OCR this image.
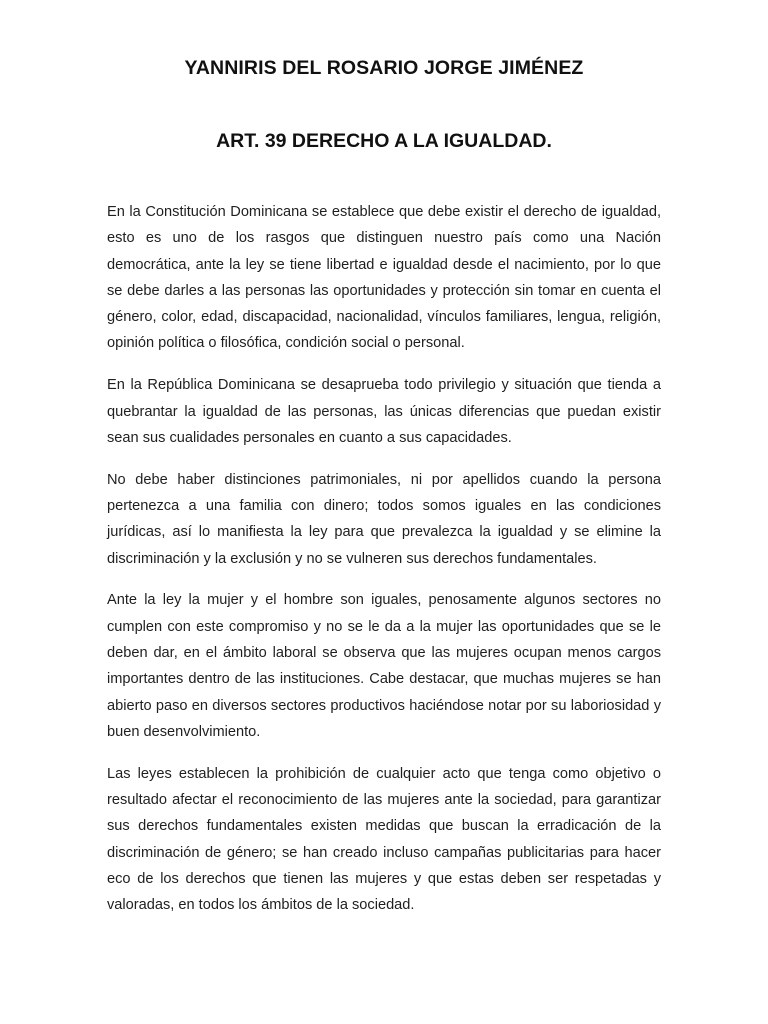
YANNIRIS DEL ROSARIO JORGE JIMÉNEZ
ART. 39 DERECHO A LA IGUALDAD.

En la Constitución Dominicana se establece que debe existir el derecho de igualdad, esto es uno de los rasgos que distinguen nuestro país como una Nación democrática, ante la ley se tiene libertad e igualdad desde el nacimiento, por lo que se debe darles a las personas las oportunidades y protección sin tomar en cuenta el género, color, edad, discapacidad, nacionalidad, vínculos familiares, lengua, religión, opinión política o filosófica, condición social o personal.

En la República Dominicana se desaprueba todo privilegio y situación que tienda a quebrantar la igualdad de las personas, las únicas diferencias que puedan existir sean sus cualidades personales en cuanto a sus capacidades.

No debe haber distinciones patrimoniales, ni por apellidos cuando la persona pertenezca a una familia con dinero; todos somos iguales en las condiciones jurídicas, así lo manifiesta la ley para que prevalezca la igualdad y se elimine la discriminación y la exclusión y no se vulneren sus derechos fundamentales.

Ante la ley la mujer y el hombre son iguales, penosamente algunos sectores no cumplen con este compromiso y no se le da a la mujer las oportunidades que se le deben dar, en el ámbito laboral se observa que las mujeres ocupan menos cargos importantes dentro de las instituciones. Cabe destacar, que muchas mujeres se han abierto paso en diversos sectores productivos haciéndose notar por su laboriosidad y buen desenvolvimiento.

Las leyes establecen la prohibición de cualquier acto que tenga como objetivo o resultado afectar el reconocimiento de las mujeres ante la sociedad, para garantizar sus derechos fundamentales existen medidas que buscan la erradicación de la discriminación de género; se han creado incluso campañas publicitarias para hacer eco de los derechos que tienen las mujeres y que estas deben ser respetadas y valoradas, en todos los ámbitos de la sociedad.
